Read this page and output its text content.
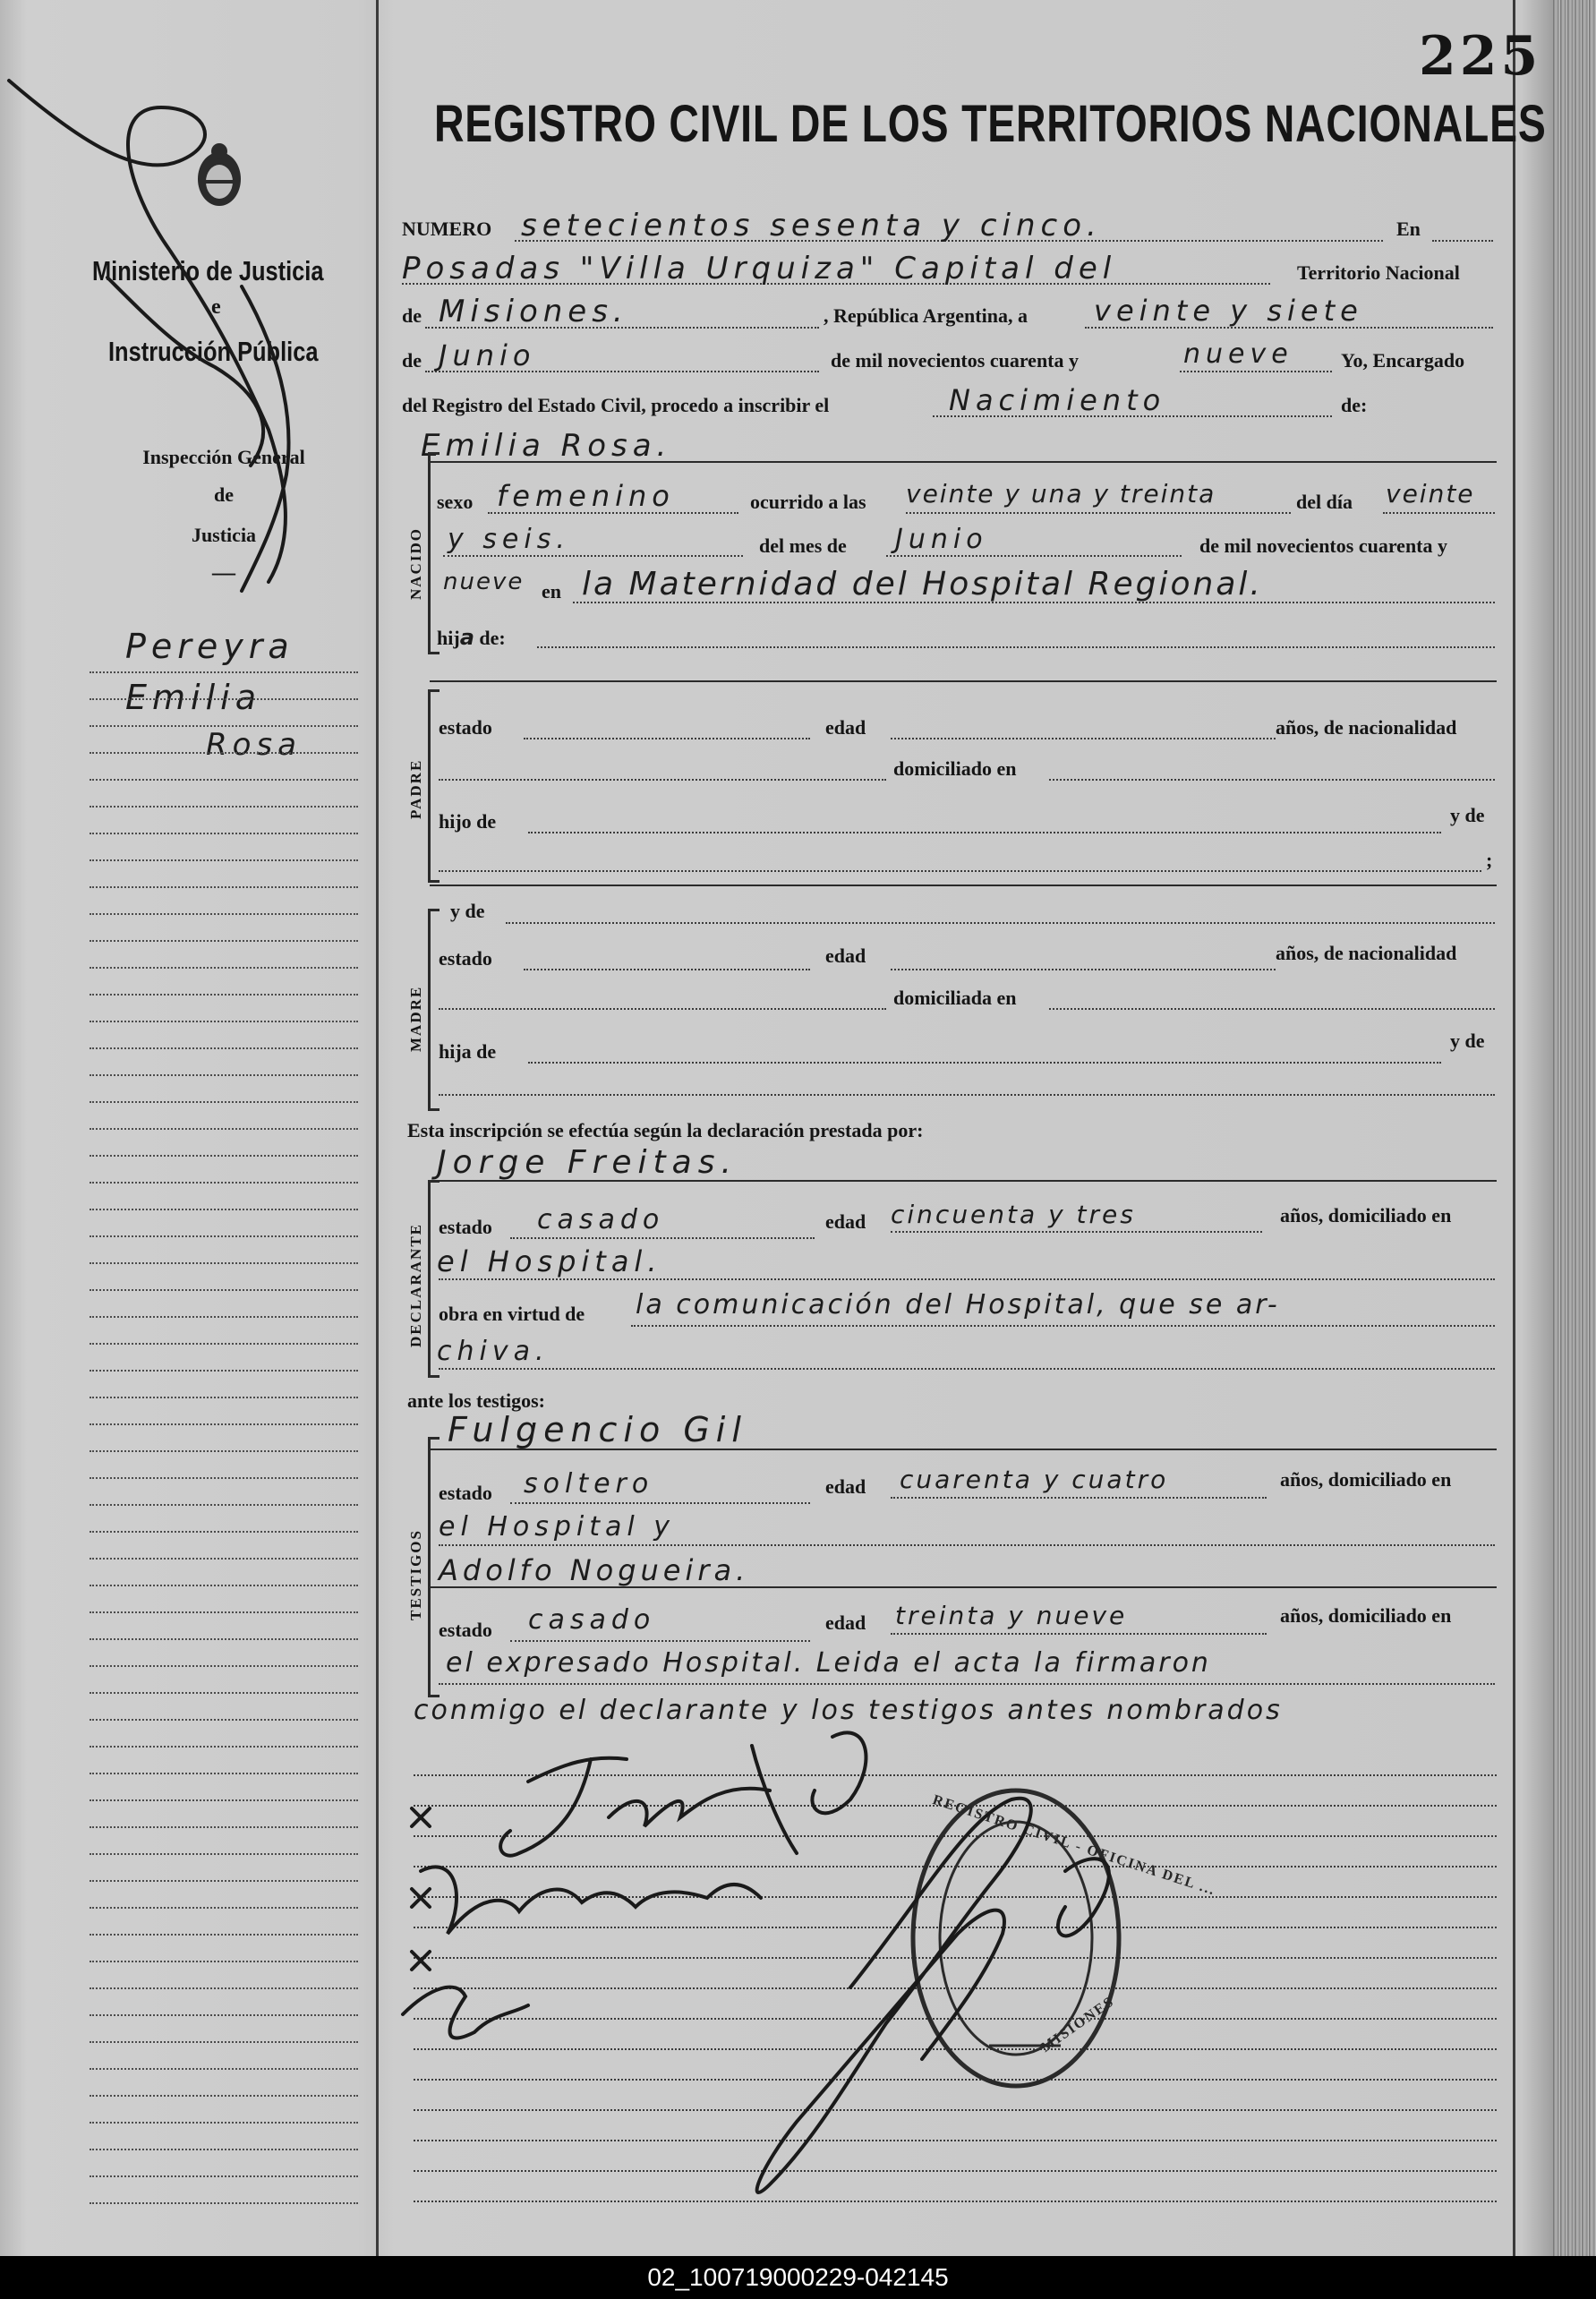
Ministerio de Justicia
e
Instrucción Pública
Inspección General
de
Justicia
—
Pereyra
Emilia
Rosa
225
REGISTRO CIVIL DE LOS TERRITORIOS NACIONALES
NUMERO setecientos sesenta y cinco.	En
Posadas "Villa Urquiza" Capital del	Territorio Nacional
de Misiones.	, República Argentina, a veinte y siete
de Junio	de mil novecientos cuarenta y	nueve Yo, Encargado
del Registro del Estado Civil, procedo a inscribir el	Nacimiento	de:
Emilia Rosa.
NACIDO
sexo femenino	ocurrido a las veinte y una y treinta	del día veinte
y seis.	del mes de Junio	de mil novecientos cuarenta y
nueve en la Maternidad del Hospital Regional.
hija de:
PADRE
estado	edad	años, de nacionalidad
domiciliado en
hijo de	y de
;
MADRE
y de
estado	edad	años, de nacionalidad
domiciliada en
hija de	y de
Esta inscripción se efectúa según la declaración prestada por:
Jorge Freitas.
DECLARANTE estado casado	edad cincuenta y tres	años, domiciliado en
el Hospital.
obra en virtud de la comunicación del Hospital, que se ar-
chiva.
ante los testigos:
Fulgencio Gil
TESTIGOS
estado soltero	edad cuarenta y cuatro	años, domiciliado en
el Hospital y
Adolfo Nogueira.
estado casado	edad treinta y nueve	años, domiciliado en
el expresado Hospital. Leida el acta la firmaron
conmigo el declarante y los testigos antes nombrados
REGISTRO CIVIL - OFICINA DEL ...
MISIONES
02_100719000229-042145
